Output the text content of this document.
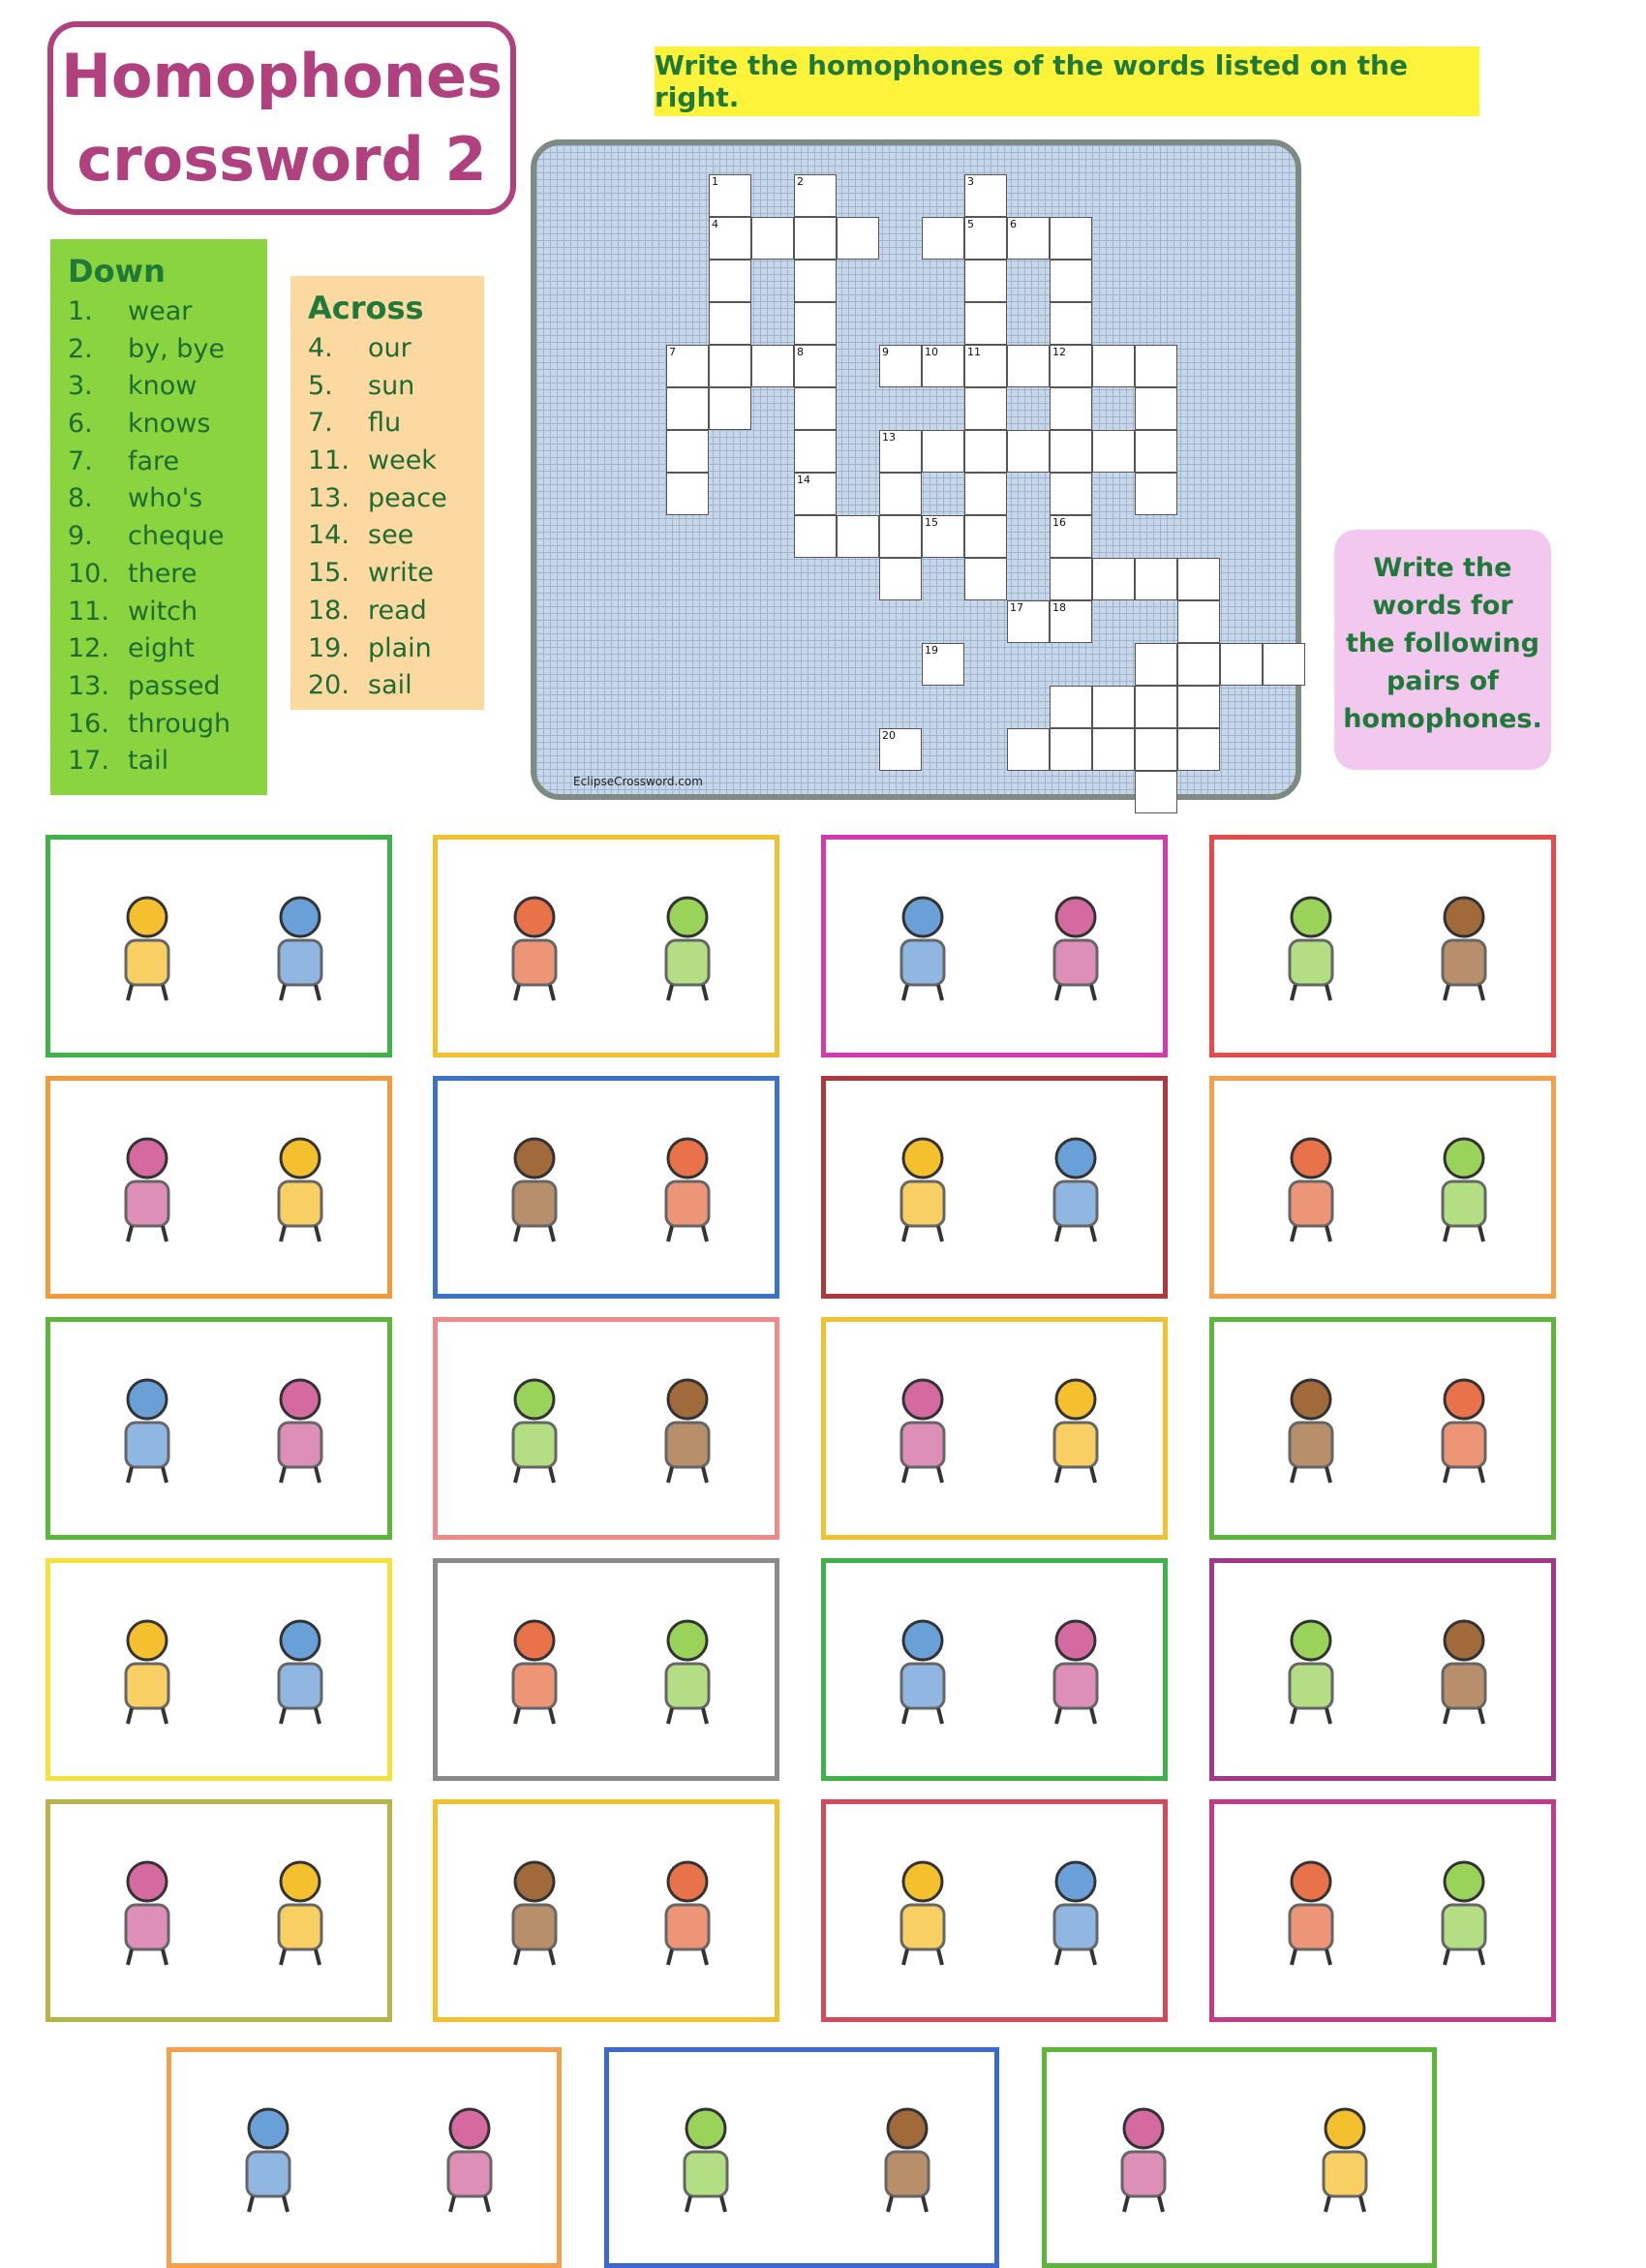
Homophones
crossword 2
Write the homophones of the words listed on the right.
Down
1.	wear
2.	by, bye
3.	know
6.	knows
7.	fare
8.	who's
9.	cheque
10. there
11. witch
12. eight
13. passed
16. through
17. tail
Across
4.	our
5.	sun
7.	flu
11. week
13. peace
14. see
15. write
18. read
19. plain
20. sail
1	2	3
4	5	6
7	8	9	10	11	12
13
14
15	16
17	18
19
20
EclipseCrossword.com
Write the
words for
the following
pairs of
homophones.
